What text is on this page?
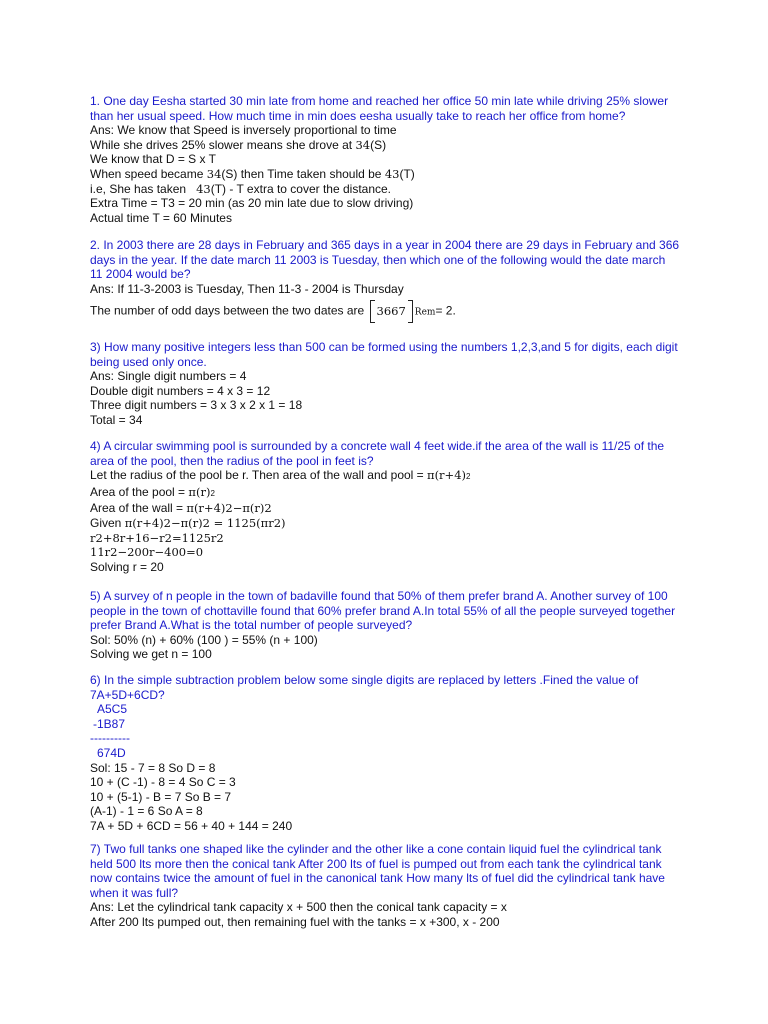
1. One day Eesha started 30 min late from home and reached her office 50 min late while driving 25% slower than her usual speed. How much time in min does eesha usually take to reach her office from home?
Ans: We know that Speed is inversely proportional to time
While she drives 25% slower means she drove at 34(S)
We know that D = S x T
When speed became 34(S) then Time taken should be 43(T)
i.e, She has taken   43(T) - T extra to cover the distance.
Extra Time = T3 = 20 min (as 20 min late due to slow driving)
Actual time T = 60 Minutes
2. In 2003 there are 28 days in February and 365 days in a year in 2004 there are 29 days in February and 366 days in the year. If the date march 11 2003 is Tuesday, then which one of the following would the date march 11 2004 would be?
Ans: If 11-3-2003 is Tuesday, Then 11-3 - 2004 is Thursday
The number of odd days between the two dates are 3667 Rem= 2.
3) How many positive integers less than 500 can be formed using the numbers 1,2,3,and 5 for digits, each digit being used only once.
Ans: Single digit numbers = 4
Double digit numbers = 4 x 3 = 12
Three digit numbers = 3 x 3 x 2 x 1 = 18
Total = 34
4) A circular swimming pool is surrounded by a concrete wall 4 feet wide.if the area of the wall is 11/25 of the area of the pool, then the radius of the pool in feet is?
Let the radius of the pool be r. Then area of the wall and pool = π(r+4)2
Area of the pool = π(r)2
Area of the wall = π(r+4)2−π(r)2
Given π(r+4)2−π(r)2 = 1125(πr2)
r2+8r+16−r2=1125r2
11r2−200r−400=0
Solving r = 20
5) A survey of n people in the town of badaville found that 50% of them prefer brand A. Another survey of 100 people in the town of chottaville found that 60% prefer brand A.In total 55% of all the people surveyed together prefer Brand A.What is the total number of people surveyed?
Sol: 50% (n) + 60% (100 ) = 55% (n + 100)
Solving we get n = 100
6) In the simple subtraction problem below some single digits are replaced by letters .Fined the value of 7A+5D+6CD?
A5C5
-1B87
----------
674D
Sol: 15 - 7 = 8 So D = 8
10 + (C -1) - 8 = 4 So C = 3
10 + (5-1) - B = 7 So B = 7
(A-1) - 1 = 6 So A = 8
7A + 5D + 6CD = 56 + 40 + 144 = 240
7) Two full tanks one shaped like the cylinder and the other like a cone contain liquid fuel the cylindrical tank held 500 lts more then the conical tank After 200 lts of fuel is pumped out from each tank the cylindrical tank now contains twice the amount of fuel in the canonical tank How many lts of fuel did the cylindrical tank have when it was full?
Ans: Let the cylindrical tank capacity x + 500 then the conical tank capacity = x
After 200 lts pumped out, then remaining fuel with the tanks = x +300, x - 200
